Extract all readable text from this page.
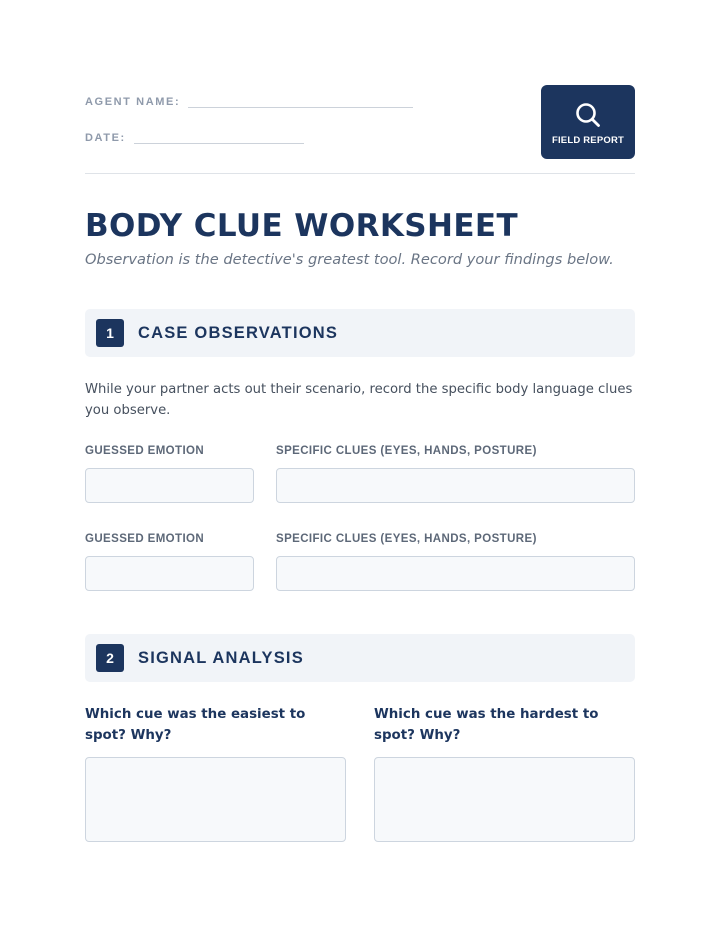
AGENT NAME:
DATE:	FIELD REPORT
BODY CLUE WORKSHEET
Observation is the detective's greatest tool. Record your findings below.
1	CASE OBSERVATIONS
While your partner acts out their scenario, record the specific body language clues you observe.
GUESSED EMOTION	SPECIFIC CLUES (EYES, HANDS, POSTURE)
GUESSED EMOTION	SPECIFIC CLUES (EYES, HANDS, POSTURE)
2	SIGNAL ANALYSIS
Which cue was the easiest to spot? Why?
Which cue was the hardest to spot? Why?
